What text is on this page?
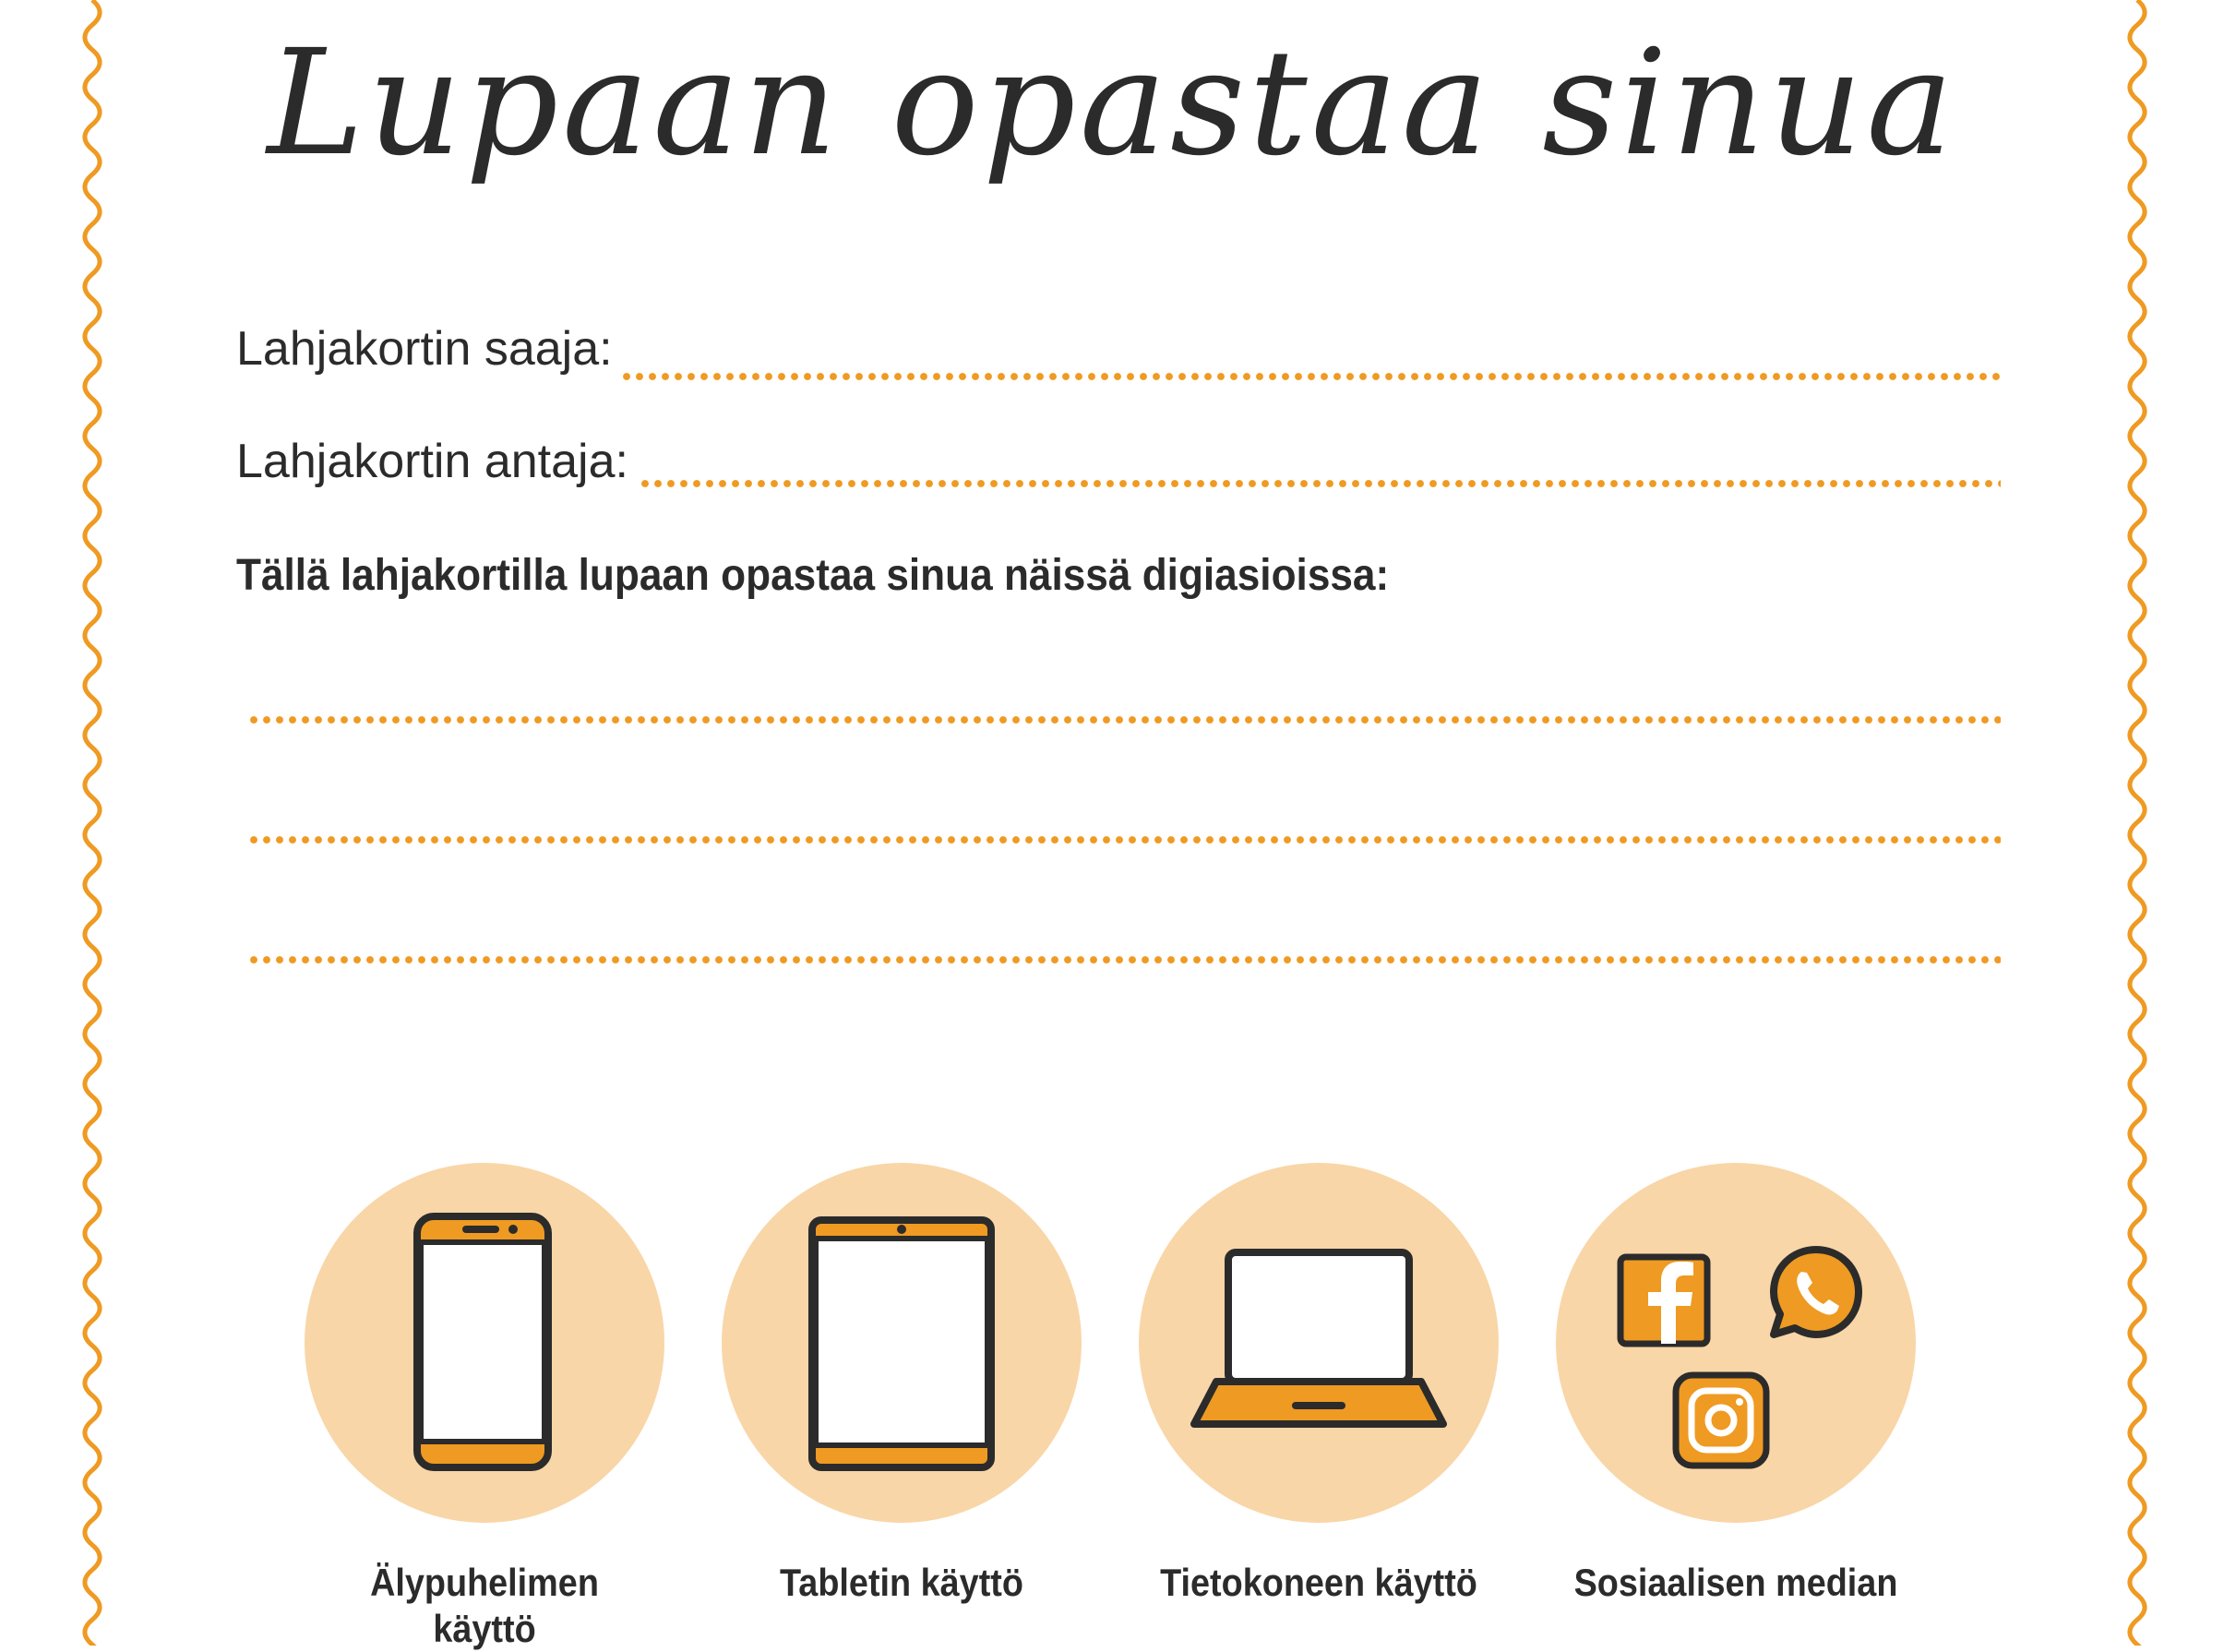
Lupaan opastaa sinua
Lahjakortin saaja:
Lahjakortin antaja:
Tällä lahjakortilla lupaan opastaa sinua näissä digiasioissa:
Älypuhelimen käyttö
Tabletin käyttö	Tietokoneen käyttö Sosiaalisen median
